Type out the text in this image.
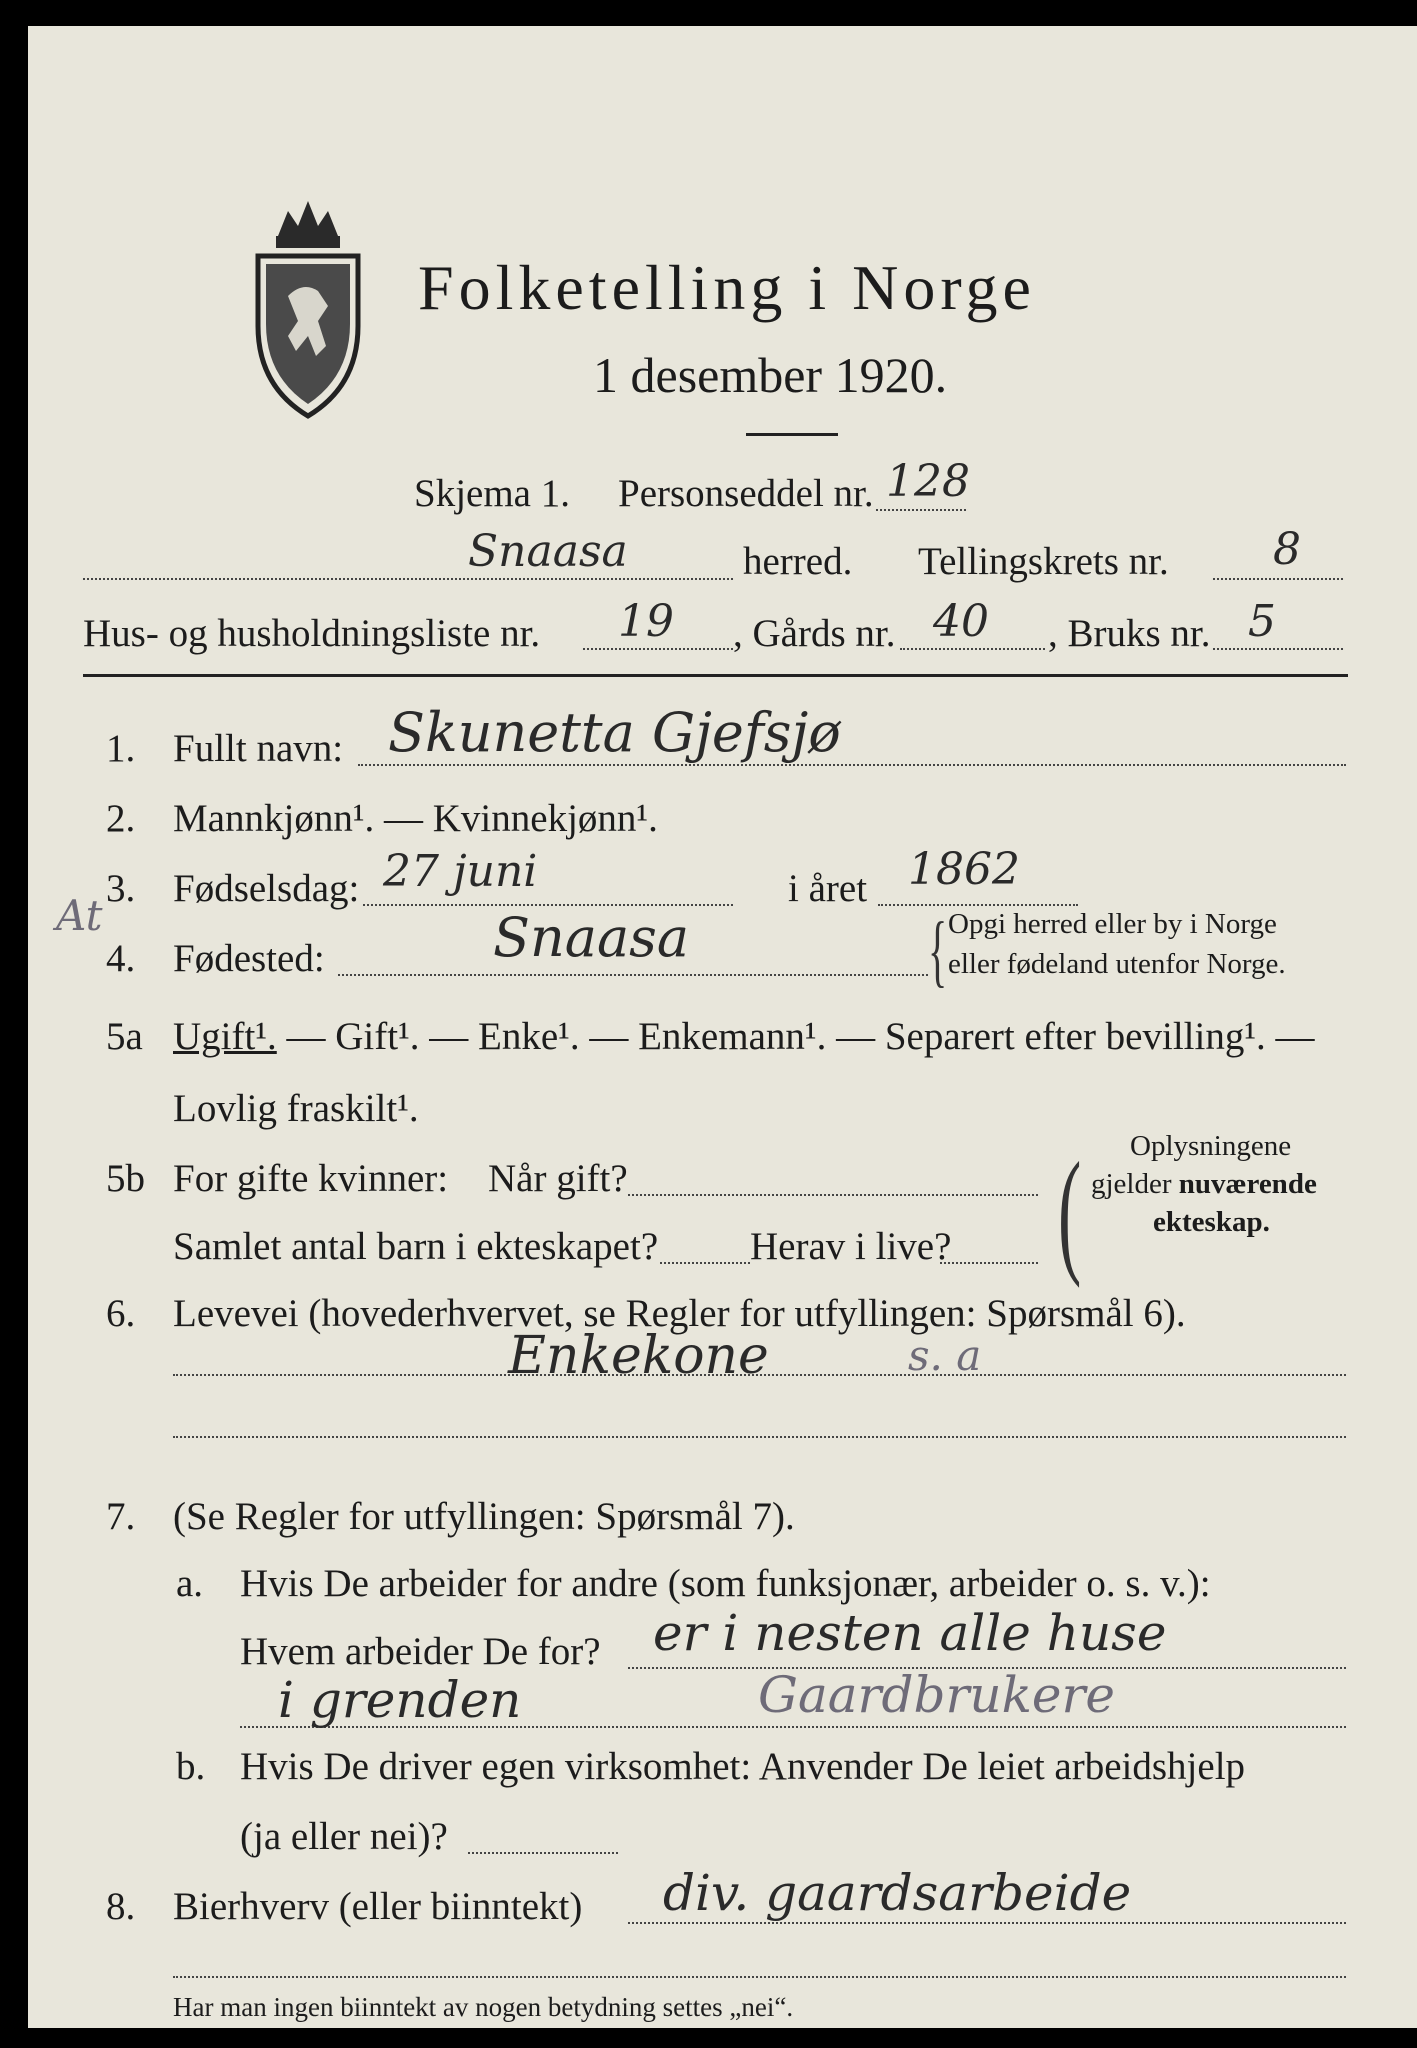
Folketelling i Norge
1 desember 1920.
Skjema 1. Personseddel nr. 128
Snaasa	herred. Tellingskrets nr. 8
Hus- og husholdningsliste nr. 19 , Gårds nr. 40 , Bruks nr. 5
1. Fullt navn: Skunetta Gjefsjø
2. Mannkjønn¹. — Kvinnekjønn¹.
3. Fødselsdag: 27 juni	i året 1862
At
4. Fødested:	Snaasa	{ Opgi herred eller by i Norge
eller fødeland utenfor Norge.
5a Ugift¹. — Gift¹. — Enke¹. — Enkemann¹. — Separert efter bevilling¹. —
Lovlig fraskilt¹.
5b For gifte kvinner: Når gift?
Samlet antal barn i ekteskapet? Herav i live? ( Oplysningene
gjelder nuværende
ekteskap.
6. Levevei (hovederhvervet, se Regler for utfyllingen: Spørsmål 6).
Enkekone	s. a
7. (Se Regler for utfyllingen: Spørsmål 7).
a. Hvis De arbeider for andre (som funksjonær, arbeider o. s. v.):
Hvem arbeider De for? er i nesten alle huse
i grenden	Gaardbrukere
b. Hvis De driver egen virksomhet: Anvender De leiet arbeidshjelp
(ja eller nei)?
8. Bierhverv (eller biinntekt) div. gaardsarbeide
Har man ingen biinntekt av nogen betydning settes „nei“.
